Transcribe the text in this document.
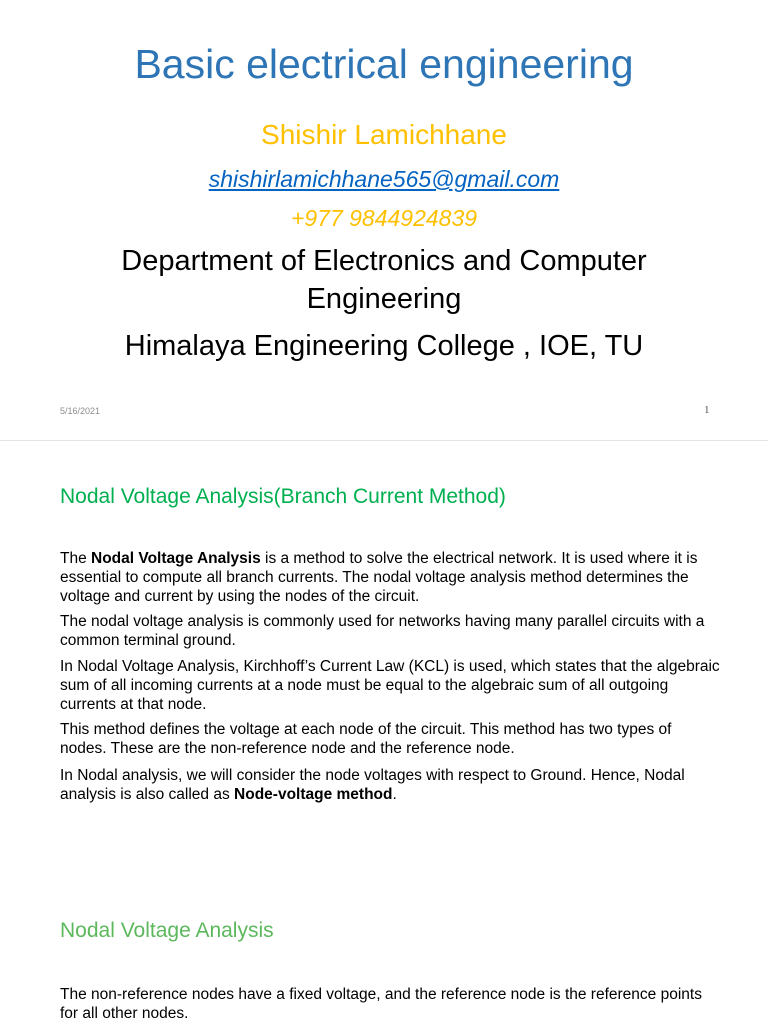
Basic electrical engineering
Shishir Lamichhane
shishirlamichhane565@gmail.com
+977 9844924839
Department of Electronics and Computer Engineering
Himalaya Engineering College , IOE, TU
5/16/2021	1
Nodal Voltage Analysis(Branch Current Method)

The Nodal Voltage Analysis is a method to solve the electrical network. It is used where it is essential to compute all branch currents. The nodal voltage analysis method determines the voltage and current by using the nodes of the circuit.

The nodal voltage analysis is commonly used for networks having many parallel circuits with a common terminal ground.

In Nodal Voltage Analysis, Kirchhoff’s Current Law (KCL) is used, which states that the algebraic sum of all incoming currents at a node must be equal to the algebraic sum of all outgoing currents at that node.

This method defines the voltage at each node of the circuit. This method has two types of nodes. These are the non-reference node and the reference node.

In Nodal analysis, we will consider the node voltages with respect to Ground. Hence, Nodal analysis is also called as Node-voltage method.

Nodal Voltage Analysis

The non-reference nodes have a fixed voltage, and the reference node is the reference points for all other nodes.
